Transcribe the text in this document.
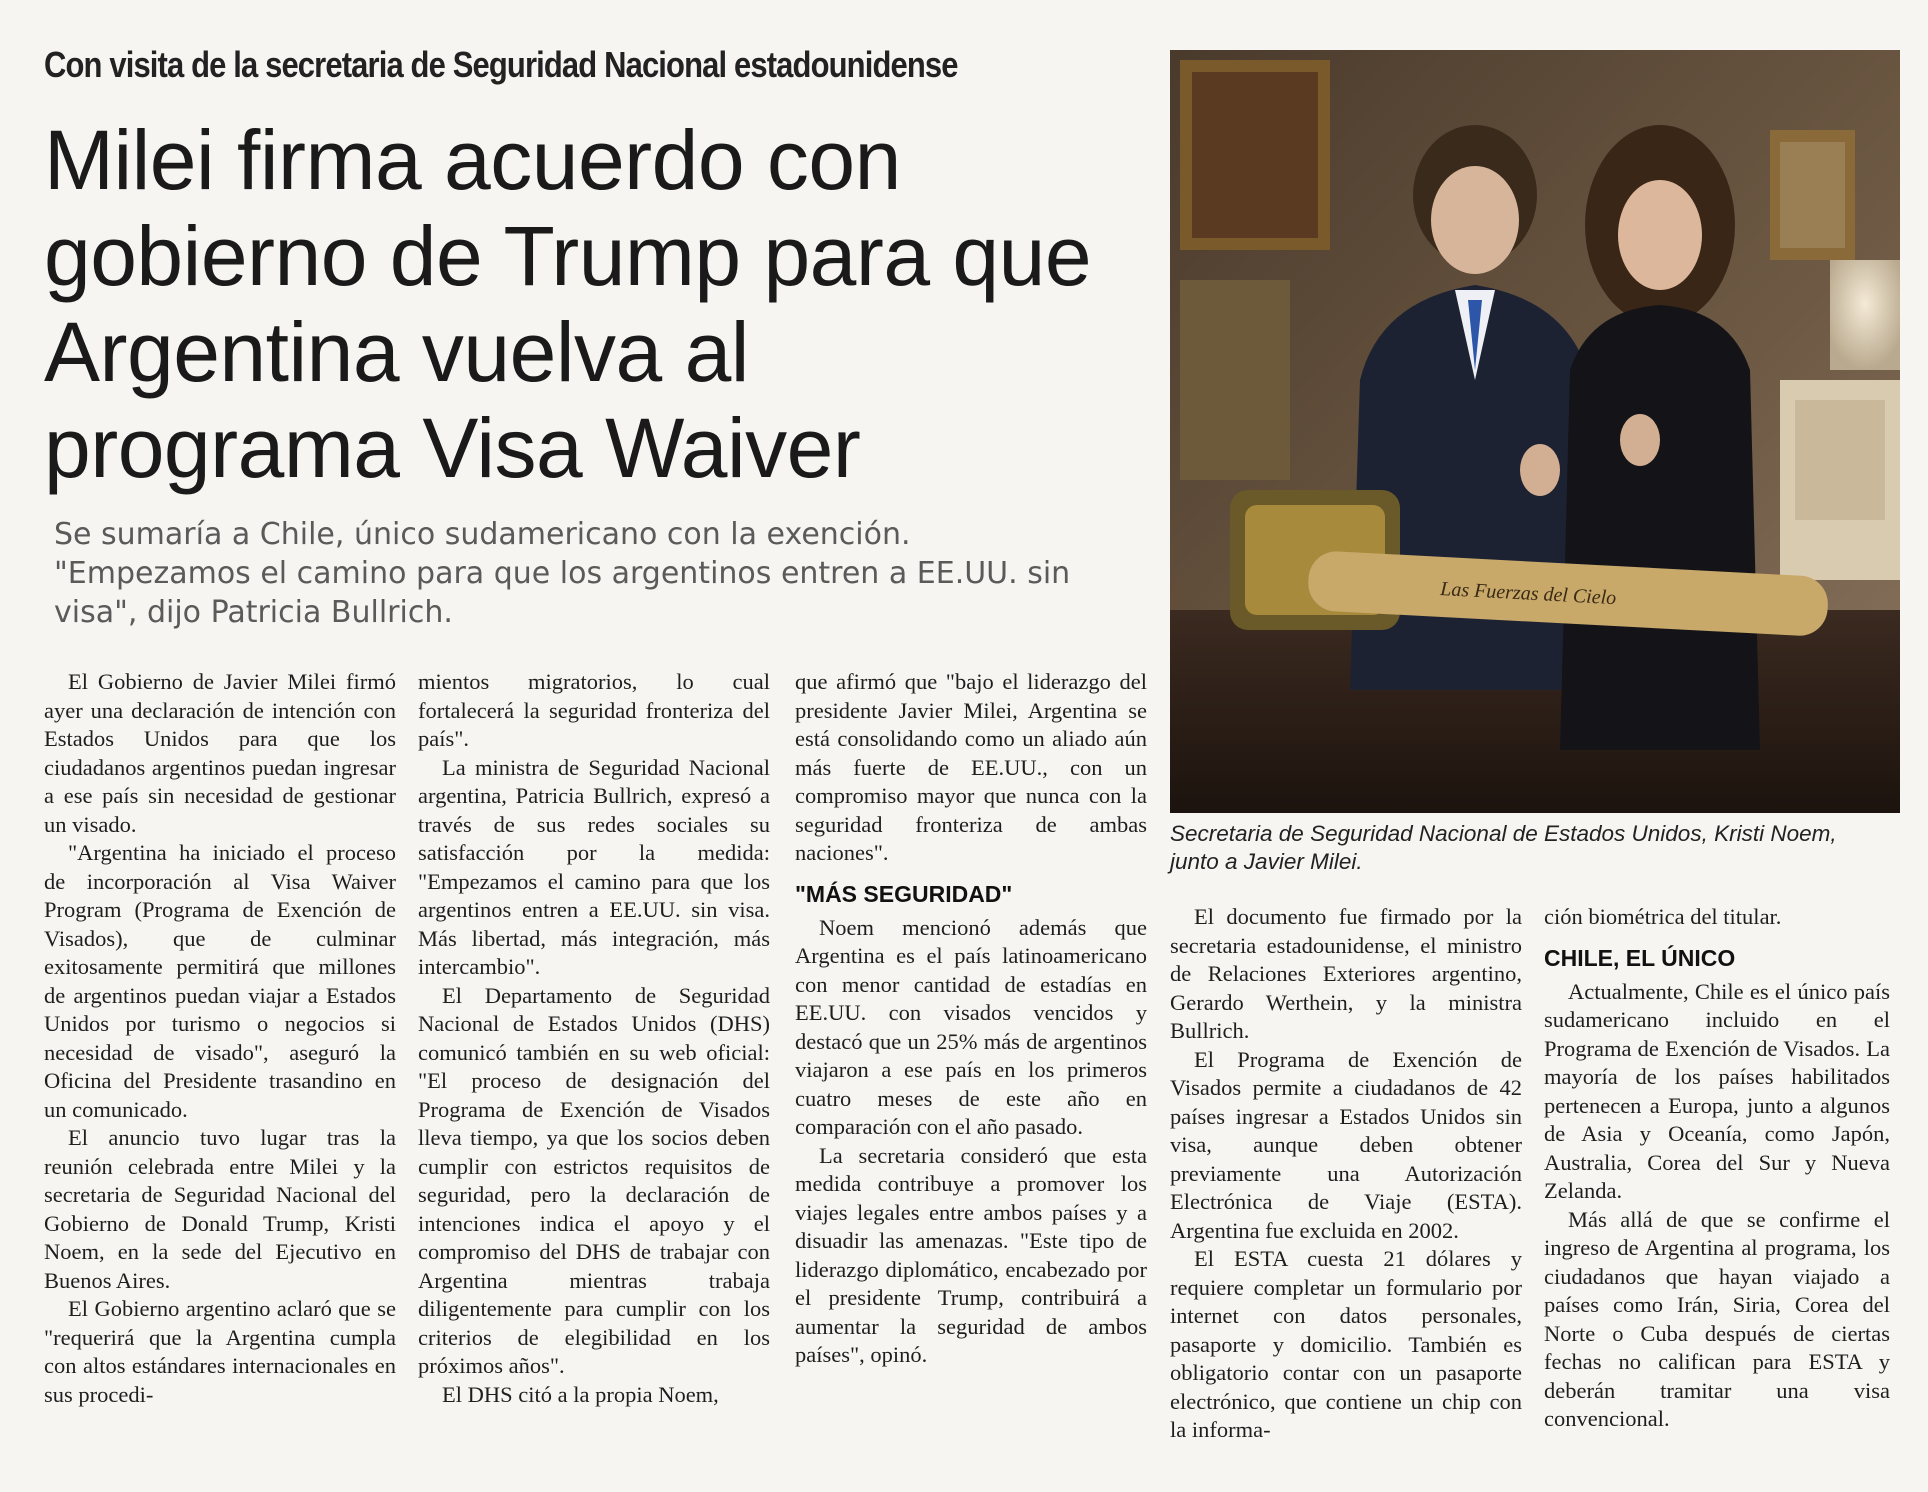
Con visita de la secretaria de Seguridad Nacional estadounidense
Milei firma acuerdo con
gobierno de Trump para que
Argentina vuelva al
programa Visa Waiver
Se sumaría a Chile, único sudamericano con la exención.
"Empezamos el camino para que los argentinos entren a EE.UU. sin
visa", dijo Patricia Bullrich.
Las Fuerzas del Cielo
Secretaria de Seguridad Nacional de Estados Unidos, Kristi Noem,
junto a Javier Milei.

El Gobierno de Javier Milei firmó ayer una declaración de intención con Estados Unidos para que los ciudadanos argentinos puedan ingresar a ese país sin necesidad de gestionar un visado.

"Argentina ha iniciado el proceso de incorporación al Visa Waiver Program (Programa de Exención de Visados), que de culminar exitosamente permitirá que millones de argentinos puedan viajar a Estados Unidos por turismo o negocios si necesidad de visado", aseguró la Oficina del Presidente trasandino en un comunicado.

El anuncio tuvo lugar tras la reunión celebrada entre Milei y la secretaria de Seguridad Nacional del Gobierno de Donald Trump, Kristi Noem, en la sede del Ejecutivo en Buenos Aires.

El Gobierno argentino aclaró que se "requerirá que la Argentina cumpla con altos estándares internacionales en sus procedi-

mientos migratorios, lo cual fortalecerá la seguridad fronteriza del país".

La ministra de Seguridad Nacional argentina, Patricia Bullrich, expresó a través de sus redes sociales su satisfacción por la medida: "Empezamos el camino para que los argentinos entren a EE.UU. sin visa. Más libertad, más integración, más intercambio".

El Departamento de Seguridad Nacional de Estados Unidos (DHS) comunicó también en su web oficial: "El proceso de designación del Programa de Exención de Visados lleva tiempo, ya que los socios deben cumplir con estrictos requisitos de seguridad, pero la declaración de intenciones indica el apoyo y el compromiso del DHS de trabajar con Argentina mientras trabaja diligentemente para cumplir con los criterios de elegibilidad en los próximos años".

El DHS citó a la propia Noem,

que afirmó que "bajo el liderazgo del presidente Javier Milei, Argentina se está consolidando como un aliado aún más fuerte de EE.UU., con un compromiso mayor que nunca con la seguridad fronteriza de ambas naciones".

"MÁS SEGURIDAD"

Noem mencionó además que Argentina es el país latinoamericano con menor cantidad de estadías en EE.UU. con visados vencidos y destacó que un 25% más de argentinos viajaron a ese país en los primeros cuatro meses de este año en comparación con el año pasado.

La secretaria consideró que esta medida contribuye a promover los viajes legales entre ambos países y a disuadir las amenazas. "Este tipo de liderazgo diplomático, encabezado por el presidente Trump, contribuirá a aumentar la seguridad de ambos países", opinó.

El documento fue firmado por la secretaria estadounidense, el ministro de Relaciones Exteriores argentino, Gerardo Werthein, y la ministra Bullrich.

El Programa de Exención de Visados permite a ciudadanos de 42 países ingresar a Estados Unidos sin visa, aunque deben obtener previamente una Autorización Electrónica de Viaje (ESTA). Argentina fue excluida en 2002.

El ESTA cuesta 21 dólares y requiere completar un formulario por internet con datos personales, pasaporte y domicilio. También es obligatorio contar con un pasaporte electrónico, que contiene un chip con la informa-

ción biométrica del titular.

CHILE, EL ÚNICO

Actualmente, Chile es el único país sudamericano incluido en el Programa de Exención de Visados. La mayoría de los países habilitados pertenecen a Europa, junto a algunos de Asia y Oceanía, como Japón, Australia, Corea del Sur y Nueva Zelanda.

Más allá de que se confirme el ingreso de Argentina al programa, los ciudadanos que hayan viajado a países como Irán, Siria, Corea del Norte o Cuba después de ciertas fechas no califican para ESTA y deberán tramitar una visa convencional.
